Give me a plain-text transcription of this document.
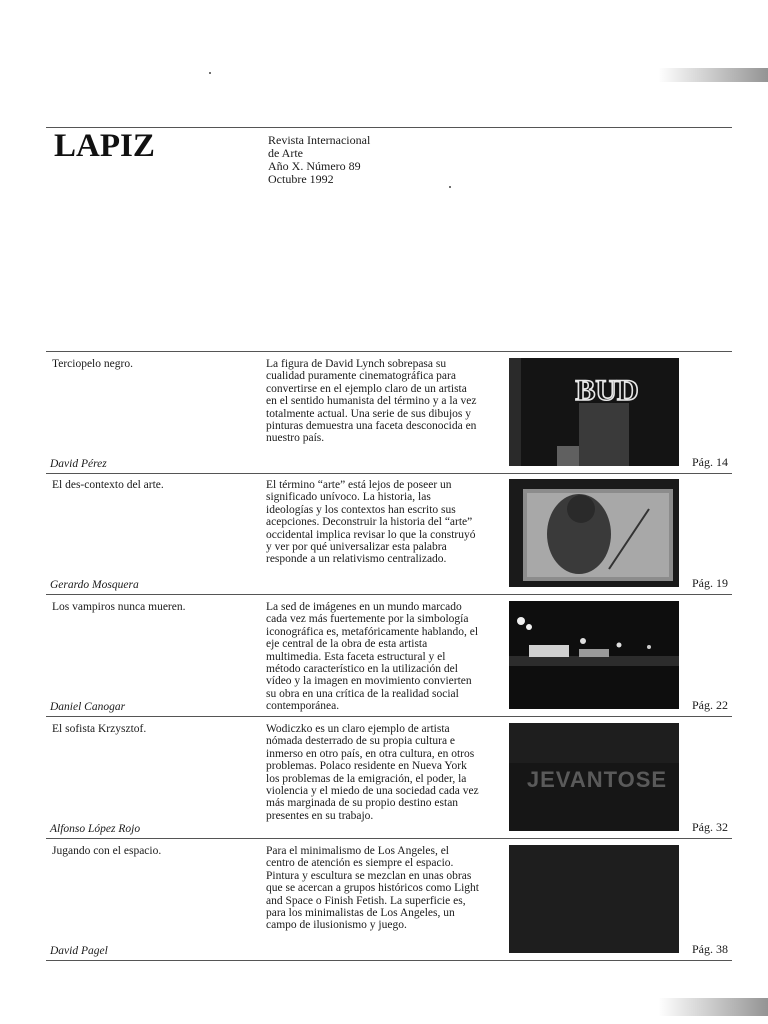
LAPIZ	Revista Internacional
de Arte
Año X. Número 89
Octubre 1992
Terciopelo negro.	La figura de David Lynch sobrepasa su cualidad puramente cinematográfica para convertirse en el ejemplo claro de un artista en el sentido humanista del término y a la vez totalmente actual. Una serie de sus dibujos y pinturas demuestra una faceta desconocida en nuestro país.
BUD
David Pérez	Pág. 14
El des-contexto del arte.	El término “arte” está lejos de poseer un significado unívoco. La historia, las ideologías y los contextos han escrito sus acepciones. Deconstruir la historia del “arte” occidental implica revisar lo que la construyó y ver por qué universalizar esta palabra responde a un relativismo centralizado.
Gerardo Mosquera	Pág. 19
Los vampiros nunca mueren.	La sed de imágenes en un mundo marcado cada vez más fuertemente por la simbología iconográfica es, metafóricamente hablando, el eje central de la obra de esta artista multimedia. Esta faceta estructural y el método característico en la utilización del vídeo y la imagen en movimiento convierten su obra en una crítica de la realidad social contemporánea.
Daniel Canogar	Pág. 22
El sofista Krzysztof.	Wodiczko es un claro ejemplo de artista nómada desterrado de su propia cultura e inmerso en otro país, en otra cultura, en otros problemas. Polaco residente en Nueva York los problemas de la emigración, el poder, la violencia y el miedo de una sociedad cada vez más marginada de su propio destino estan presentes en su trabajo.
JEVANTOSE
Alfonso López Rojo	Pág. 32
Jugando con el espacio.	Para el minimalismo de Los Angeles, el centro de atención es siempre el espacio. Pintura y escultura se mezclan en unas obras que se acercan a grupos históricos como Light and Space o Finish Fetish. La superficie es, para los minimalistas de Los Angeles, un campo de ilusionismo y juego.
David Pagel	Pág. 38
